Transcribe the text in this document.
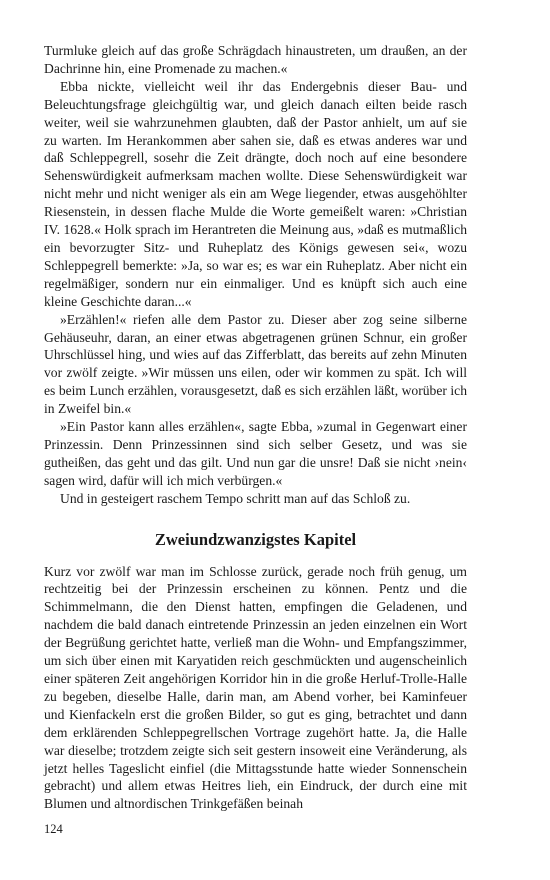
Turmluke gleich auf das große Schrägdach hinaustreten, um draußen, an der Dachrinne hin, eine Promenade zu machen.«

Ebba nickte, vielleicht weil ihr das Endergebnis dieser Bau- und Beleuchtungsfrage gleichgültig war, und gleich danach eilten beide rasch weiter, weil sie wahrzunehmen glaubten, daß der Pastor anhielt, um auf sie zu warten. Im Herankommen aber sahen sie, daß es etwas anderes war und daß Schleppegrell, sosehr die Zeit drängte, doch noch auf eine besondere Sehenswürdigkeit aufmerksam machen wollte. Diese Sehenswürdigkeit war nicht mehr und nicht weniger als ein am Wege liegender, etwas ausgehöhlter Riesenstein, in dessen flache Mulde die Worte gemeißelt waren: »Christian IV. 1628.« Holk sprach im Herantreten die Meinung aus, »daß es mutmaßlich ein bevorzugter Sitz- und Ruheplatz des Königs gewesen sei«, wozu Schleppegrell bemerkte: »Ja, so war es; es war ein Ruheplatz. Aber nicht ein regelmäßiger, sondern nur ein einmaliger. Und es knüpft sich auch eine kleine Geschichte daran...«

»Erzählen!« riefen alle dem Pastor zu. Dieser aber zog seine silberne Gehäuseuhr, daran, an einer etwas abgetragenen grünen Schnur, ein großer Uhrschlüssel hing, und wies auf das Zifferblatt, das bereits auf zehn Minuten vor zwölf zeigte. »Wir müssen uns eilen, oder wir kommen zu spät. Ich will es beim Lunch erzählen, vorausgesetzt, daß es sich erzählen läßt, worüber ich in Zweifel bin.«

»Ein Pastor kann alles erzählen«, sagte Ebba, »zumal in Gegenwart einer Prinzessin. Denn Prinzessinnen sind sich selber Gesetz, und was sie gutheißen, das geht und das gilt. Und nun gar die unsre! Daß sie nicht ›nein‹ sagen wird, dafür will ich mich verbürgen.«

Und in gesteigert raschem Tempo schritt man auf das Schloß zu.

Zweiundzwanzigstes Kapitel

Kurz vor zwölf war man im Schlosse zurück, gerade noch früh genug, um rechtzeitig bei der Prinzessin erscheinen zu können. Pentz und die Schimmelmann, die den Dienst hatten, empfingen die Geladenen, und nachdem die bald danach eintretende Prinzessin an jeden einzelnen ein Wort der Begrüßung gerichtet hatte, verließ man die Wohn- und Empfangszimmer, um sich über einen mit Karyatiden reich geschmückten und augenscheinlich einer späteren Zeit angehörigen Korridor hin in die große Herluf-Trolle-Halle zu begeben, dieselbe Halle, darin man, am Abend vorher, bei Kaminfeuer und Kienfackeln erst die großen Bilder, so gut es ging, betrachtet und dann dem erklärenden Schleppegrellschen Vortrage zugehört hatte. Ja, die Halle war dieselbe; trotzdem zeigte sich seit gestern insoweit eine Veränderung, als jetzt helles Tageslicht einfiel (die Mittagsstunde hatte wieder Sonnenschein gebracht) und allem etwas Heitres lieh, ein Eindruck, der durch eine mit Blumen und altnordischen Trinkgefäßen beinah

124
